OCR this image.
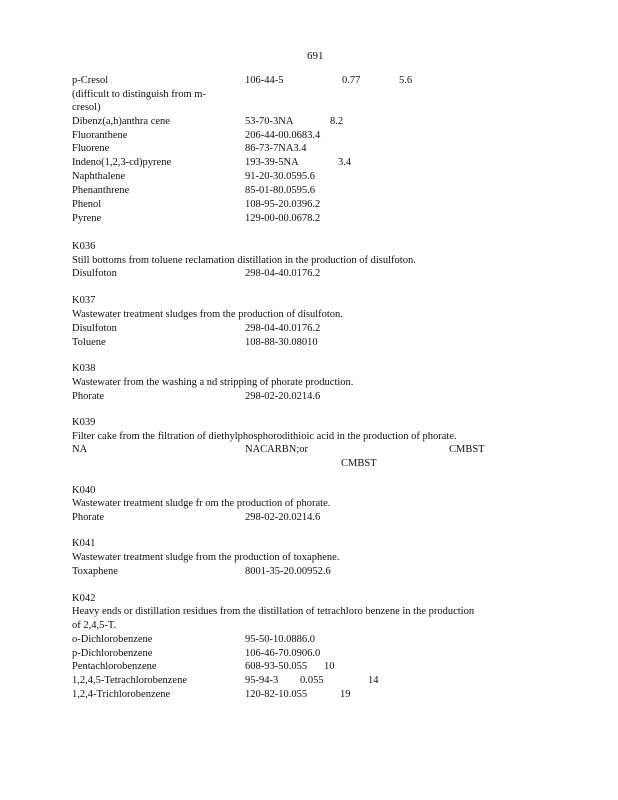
691
p-Cresol	106-44-5	0.77	5.6
(difficult to distinguish from m-
cresol)
Dibenz(a,h)anthra cene	53-70-3NA	8.2
Fluoranthene	206-44-00.0683.4
Fluorene	86-73-7NA3.4
Indeno(1,2,3-cd)pyrene	193-39-5NA	3.4
Naphthalene	91-20-30.0595.6
Phenanthrene	85-01-80.0595.6
Phenol	108-95-20.0396.2
Pyrene	129-00-00.0678.2
K036
Still bottoms from toluene reclamation distillation in the production of disulfoton.
Disulfoton	298-04-40.0176.2
K037
Wastewater treatment sludges from the production of disulfoton.
Disulfoton	298-04-40.0176.2
Toluene	108-88-30.08010
K038
Wastewater from the washing a nd stripping of phorate production.
Phorate	298-02-20.0214.6
K039
Filter cake from the filtration of diethylphosphorodithioic acid in the production of phorate.
NA	NACARBN;or	CMBST
CMBST
K040
Wastewater treatment sludge fr om the production of phorate.
Phorate	298-02-20.0214.6
K041
Wastewater treatment sludge from the production of toxaphene.
Toxaphene	8001-35-20.00952.6
K042
Heavy ends or distillation residues from the distillation of tetrachloro benzene in the production
of 2,4,5-T.
o-Dichlorobenzene	95-50-10.0886.0
p-Dichlorobenzene	106-46-70.0906.0
Pentachlorobenzene	608-93-50.055 10
1,2,4,5-Tetrachlorobenzene	95-94-3 0.055	14
1,2,4-Trichlorobenzene	120-82-10.055	19
